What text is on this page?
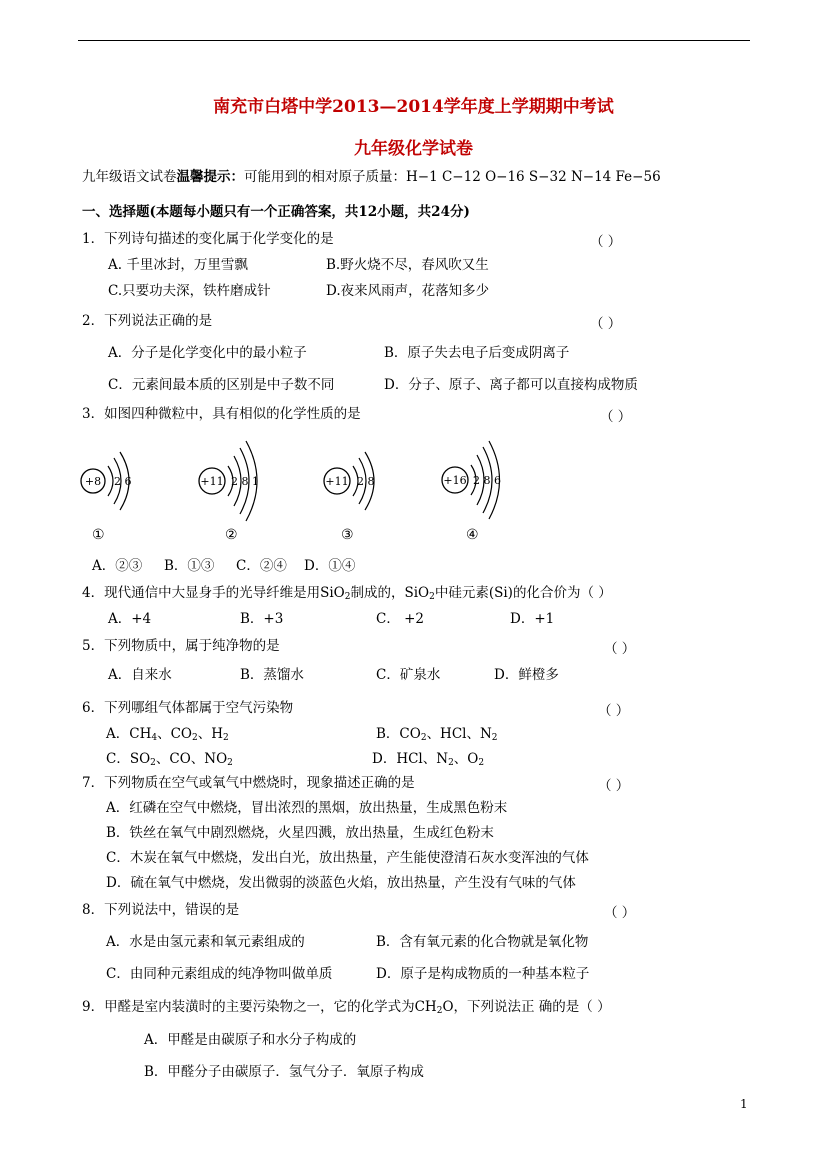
南充市白塔中学2013—2014学年度上学期期中考试
九年级化学试卷
九年级语文试卷温馨提示：可能用到的相对原子质量：H−1 C−12 O−16 S−32 N−14 Fe−56
一、选择题(本题每小题只有一个正确答案，共12小题，共24分)
1．下列诗句描述的变化属于化学变化的是	（ ）
A. 千里冰封，万里雪飘	B.野火烧不尽，春风吹又生
C.只要功夫深，铁杵磨成针	D.夜来风雨声，花落知多少
2．下列说法正确的是	（ ）
A．分子是化学变化中的最小粒子	B．原子失去电子后变成阴离子
C．元素间最本质的区别是中子数不同	D．分子、原子、离子都可以直接构成物质
3．如图四种微粒中，具有相似的化学性质的是	（ ）
+8 2 6	+11 2 8 1	+11 2 8	+16 2 8 6
①	②	③	④
A．②③ B．①③ C．②④ D．①④
4．现代通信中大显身手的光导纤维是用SiO$_2$制成的，SiO$_2$中硅元素(Si)的化合价为（ ）
A．+4	B．+3	C． +2	D．+1
5．下列物质中，属于纯净物的是	（ ）
A．自来水	B．蒸馏水	C．矿泉水	D．鲜橙多
6．下列哪组气体都属于空气污染物	（ ）
A．$CH_4$、$CO_2$、$H_2$	B．$CO_2$、HCl、$N_2$
C．$SO_2$、CO、$NO_2$	D．HCl、$N_2$、$O_2$
7．下列物质在空气或氧气中燃烧时，现象描述正确的是	（ ）
A．红磷在空气中燃烧，冒出浓烈的黑烟，放出热量，生成黑色粉末
B．铁丝在氧气中剧烈燃烧，火星四溅，放出热量，生成红色粉末
C．木炭在氧气中燃烧，发出白光，放出热量，产生能使澄清石灰水变浑浊的气体
D．硫在氧气中燃烧，发出微弱的淡蓝色火焰，放出热量，产生没有气味的气体
8．下列说法中，错误的是	（ ）
A．水是由氢元素和氧元素组成的	B．含有氧元素的化合物就是氧化物
C．由同种元素组成的纯净物叫做单质	D．原子是构成物质的一种基本粒子
9．甲醛是室内装潢时的主要污染物之一，它的化学式为$CH_2O$，下列说法正 确的是（ ）
A．甲醛是由碳原子和水分子构成的
B．甲醛分子由碳原子．氢气分子．氧原子构成
1
